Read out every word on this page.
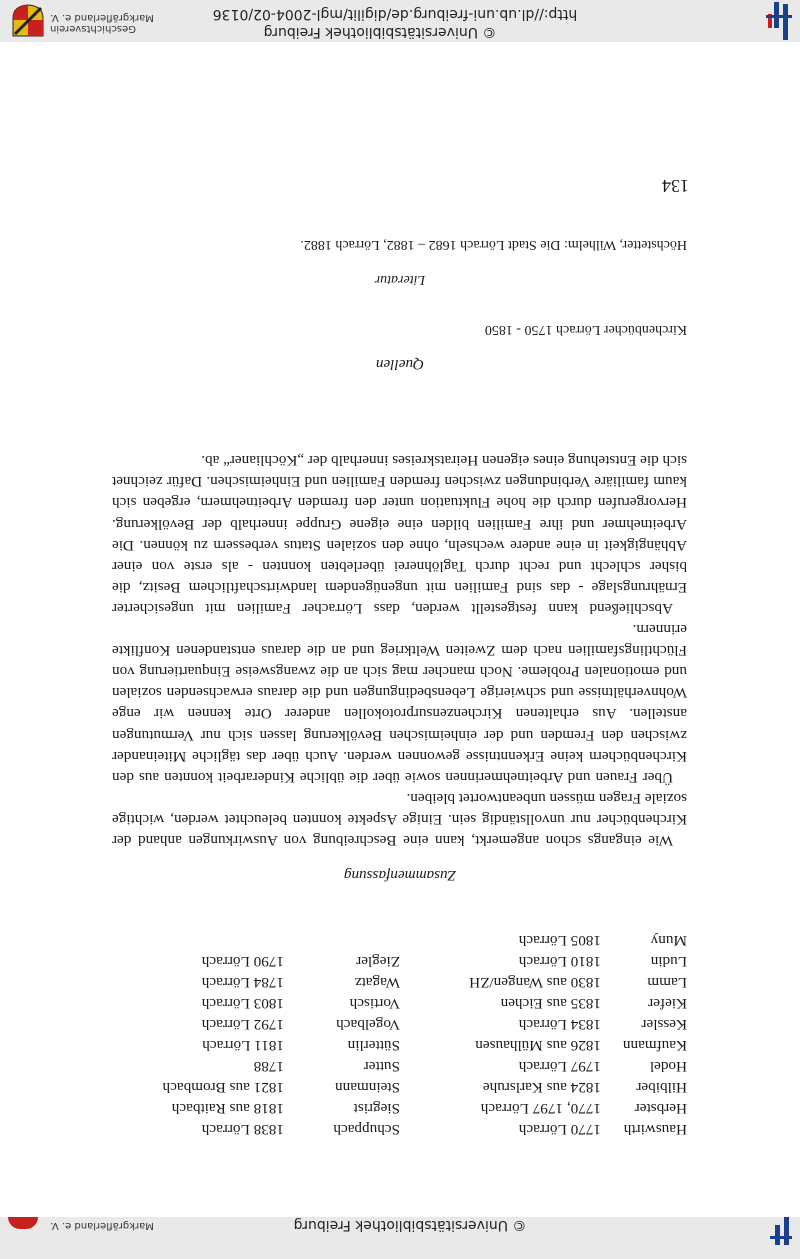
Geschichtsverein
Markgräflerland e. V.
© Universitätsbibliothek Freiburg
http://dl.ub.uni-freiburg.de/digilit/mgl-2004-02/0136
© Universitätsbibliothek Freiburg
Markgräflerland e. V.
Hauswirth
1770 Lörrach
Schuppach
1838 Lörrach
Herbster
1770, 1797 Lörrach
Siegrist
1818 aus Raitbach
Hilbiber
1824 aus Karlsruhe
Steinmann
1821 aus Brombach
Hodel
1797 Lörrach
Sutter
1788
Kaufmann
1826 aus Mülhausen
Sütterlin
1811 Lörrach
Kessler
1834 Lörrach
Vogelbach
1792 Lörrach
Kiefer
1835 aus Eichen
Vortisch
1803 Lörrach
Lamm
1830 aus Wangen/ZH
Wagatz
1784 Lörrach
Ludin
1810 Lörrach
Ziegler
1790 Lörrach
Muny
1805 Lörrach
Zusammenfassung
Wie eingangs schon angemerkt, kann eine Beschreibung von Auswirkungen anhand der Kirchenbücher nur unvollständig sein. Einige Aspekte konnten beleuchtet werden, wichtige soziale Fragen müssen unbeantwortet bleiben.
Über Frauen und Arbeitnehmerinnen sowie über die übliche Kinderarbeit konnten aus den Kirchenbüchern keine Erkenntnisse gewonnen werden. Auch über das tägliche Miteinander zwischen den Fremden und der einheimischen Bevölkerung lassen sich nur Vermutungen anstellen. Aus erhaltenen Kirchenzensurprotokollen anderer Orte kennen wir enge Wohnverhältnisse und schwierige Lebensbedingungen und die daraus erwachsenden sozialen und emotionalen Probleme. Noch mancher mag sich an die zwangsweise Einquartierung von Flüchtlingsfamilien nach dem Zweiten Weltkrieg und an die daraus entstandenen Konflikte erinnern.
Abschließend kann festgestellt werden, dass Lörracher Familien mit ungesicherter Ernährungslage - das sind Familien mit ungenügendem landwirtschaftlichem Besitz, die bisher schlecht und recht durch Taglöhnerei überlebten konnten - als erste von einer Abhängigkeit in eine andere wechseln, ohne den sozialen Status verbessern zu können. Die Arbeitnehmer und ihre Familien bilden eine eigene Gruppe innerhalb der Bevölkerung. Hervorgerufen durch die hohe Fluktuation unter den fremden Arbeitnehmern, ergeben sich kaum familiäre Verbindungen zwischen fremden Familien und Einheimischen. Dafür zeichnet sich die Entstehung eines eigenen Heiratskreises innerhalb der „Köchlianer“ ab.
Quellen
Kirchenbücher Lörrach 1750 - 1850
Literatur
Höchstetter, Wilhelm: Die Stadt Lörrach 1682 – 1882, Lörrach 1882.
134
